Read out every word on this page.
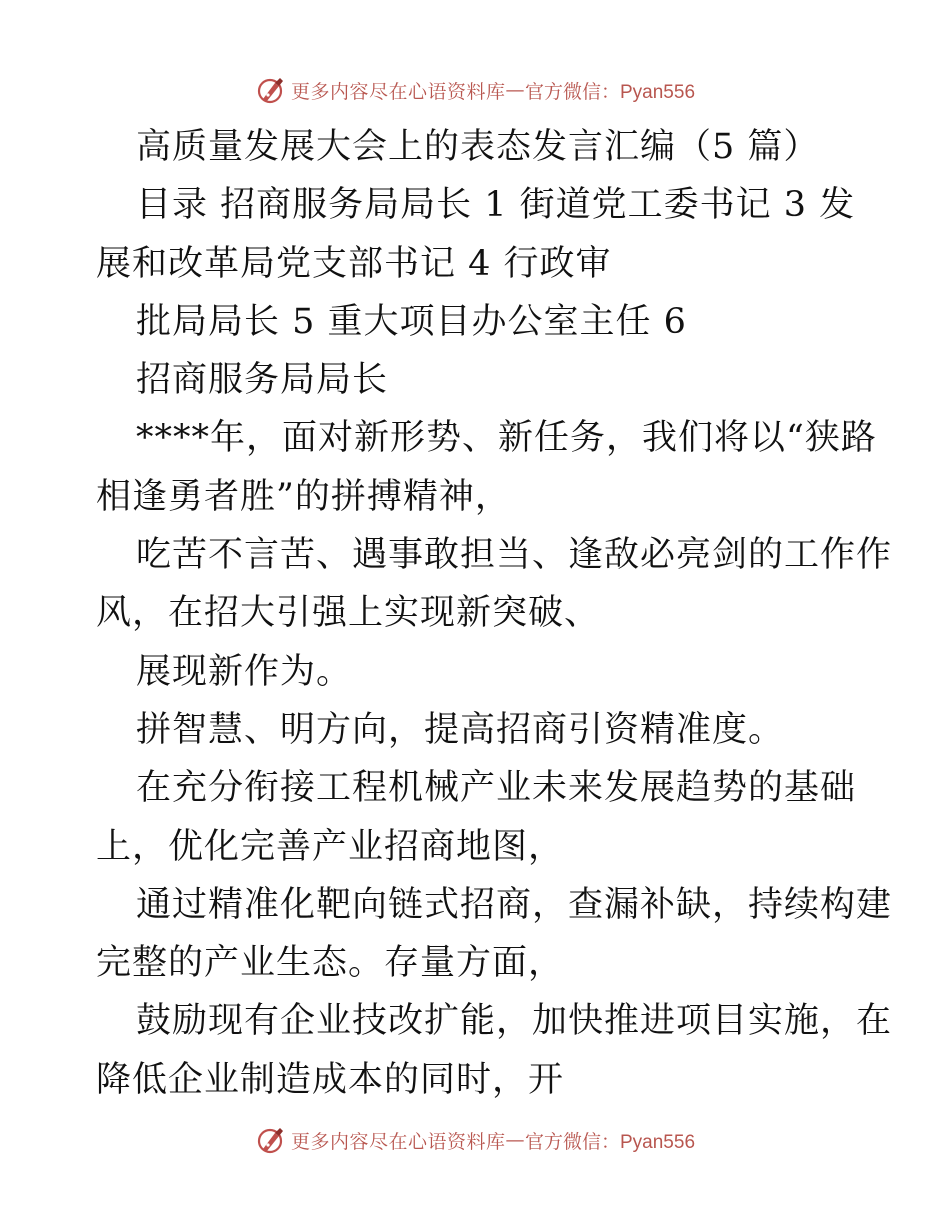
更多内容尽在心语资料库 — 官方微信：Pyan556

高质量发展大会上的表态发言汇编（5 篇）

目录 招商服务局局长 1 街道党工委书记 3 发

展和改革局党支部书记 4 行政审

批局局长 5 重大项目办公室主任 6

招商服务局局长

****年，面对新形势、新任务，我们将以“狭路

相逢勇者胜”的拼搏精神，

吃苦不言苦、遇事敢担当、逢敌必亮剑的工作作

风，在招大引强上实现新突破、

展现新作为。

拼智慧、明方向，提高招商引资精准度。

在充分衔接工程机械产业未来发展趋势的基础

上，优化完善产业招商地图，

通过精准化靶向链式招商，查漏补缺，持续构建

完整的产业生态。存量方面，

鼓励现有企业技改扩能，加快推进项目实施，在

降低企业制造成本的同时，开

更多内容尽在心语资料库 — 官方微信：Pyan556
